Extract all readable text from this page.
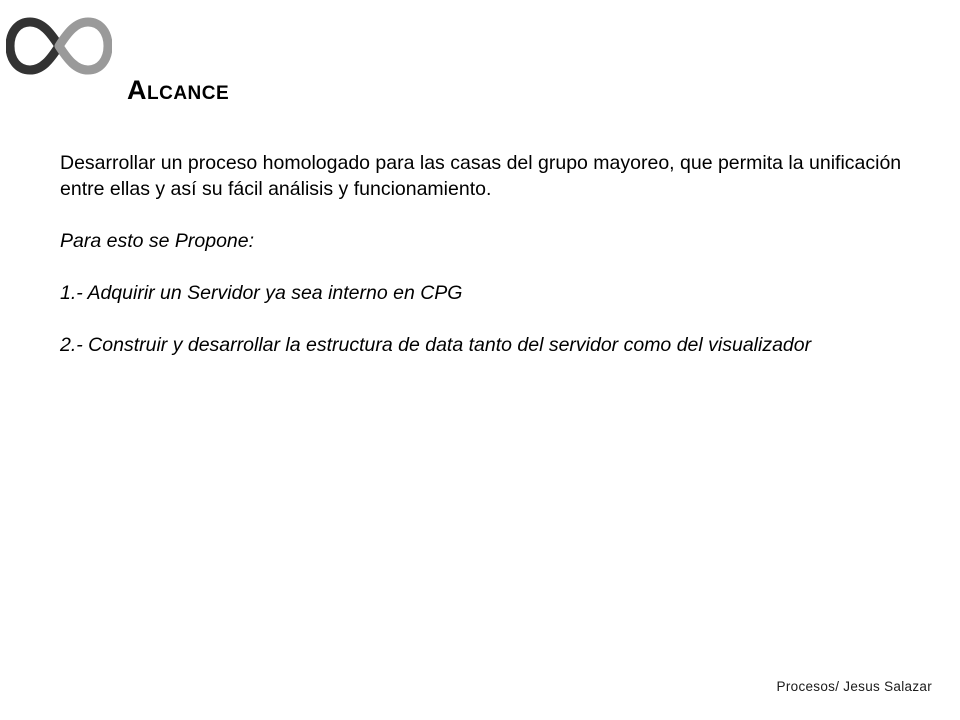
Alcance

Desarrollar un proceso homologado para las casas del grupo mayoreo, que permita la unificación entre ellas y así su fácil análisis y funcionamiento.

Para esto se Propone:

1.- Adquirir un Servidor ya sea interno en CPG

2.- Construir y desarrollar la estructura de data tanto del servidor como del visualizador

Procesos/ Jesus Salazar
